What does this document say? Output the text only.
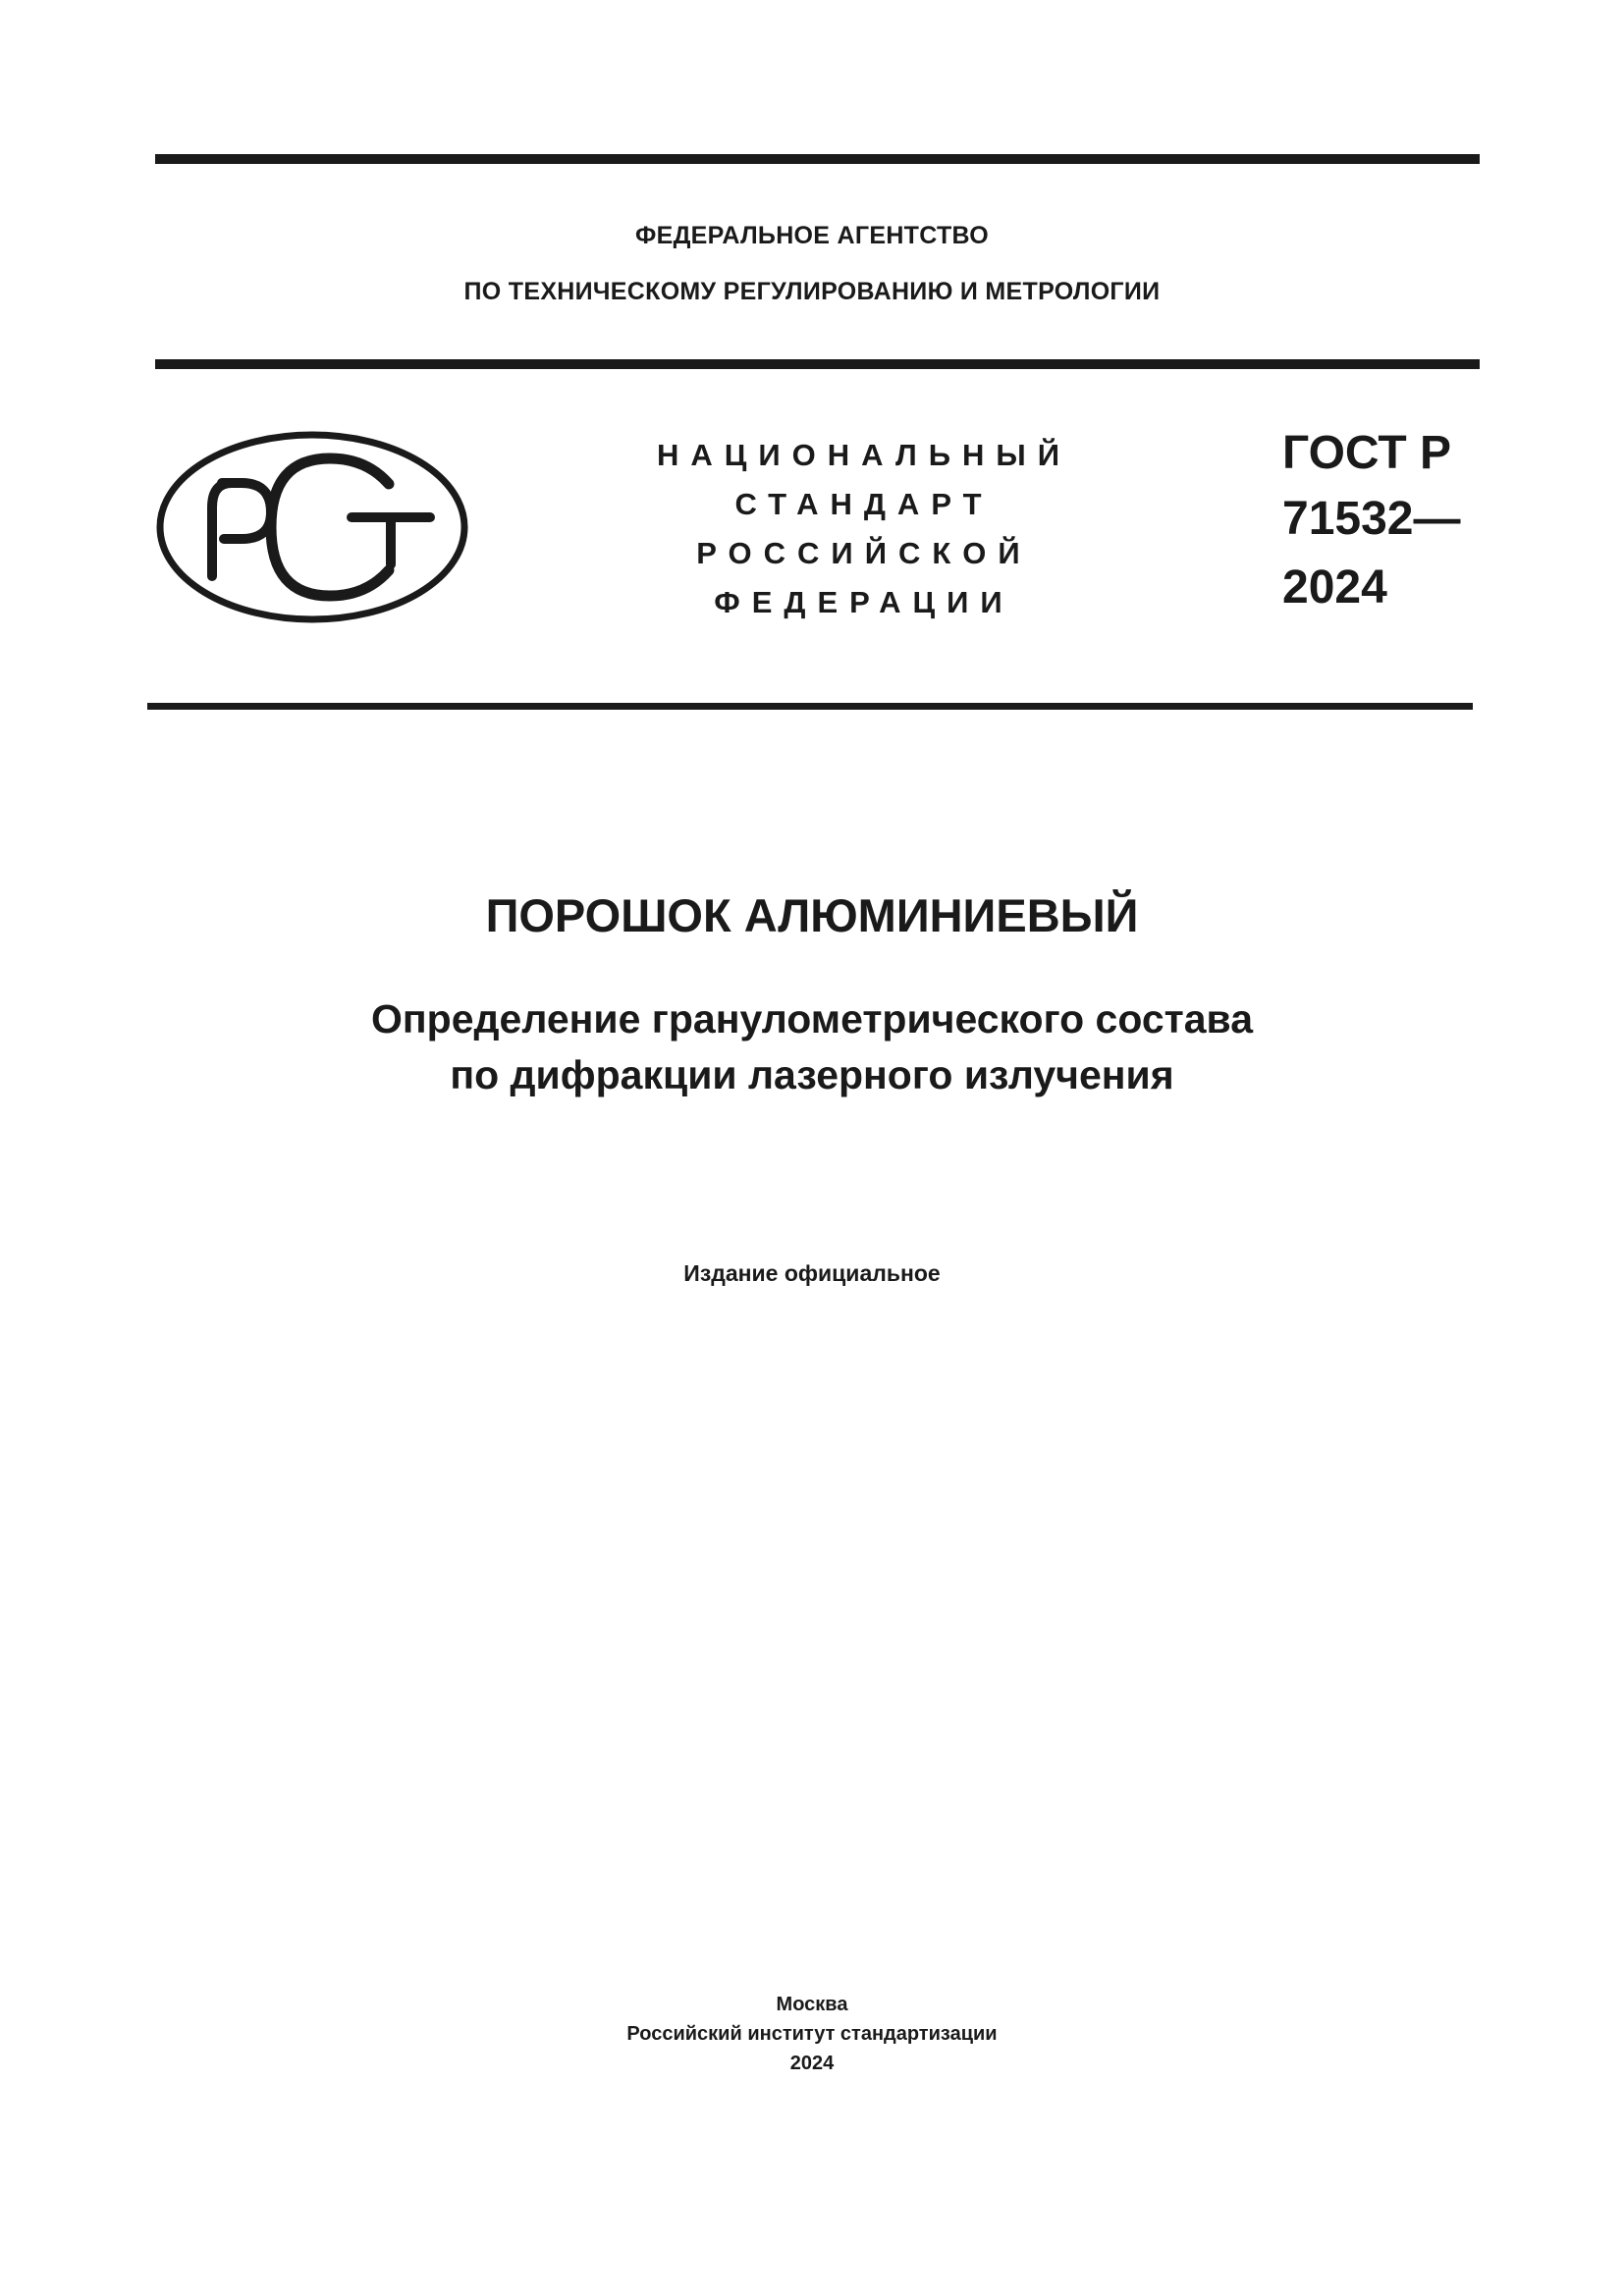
ФЕДЕРАЛЬНОЕ АГЕНТСТВО
ПО ТЕХНИЧЕСКОМУ РЕГУЛИРОВАНИЮ И МЕТРОЛОГИИ
НАЦИОНАЛЬНЫЙ
СТАНДАРТ
РОССИЙСКОЙ
ФЕДЕРАЦИИ
ГОСТ Р
71532—
2024
ПОРОШОК АЛЮМИНИЕВЫЙ
Определение гранулометрического состава
по дифракции лазерного излучения
Издание официальное
Москва
Российский институт стандартизации
2024
